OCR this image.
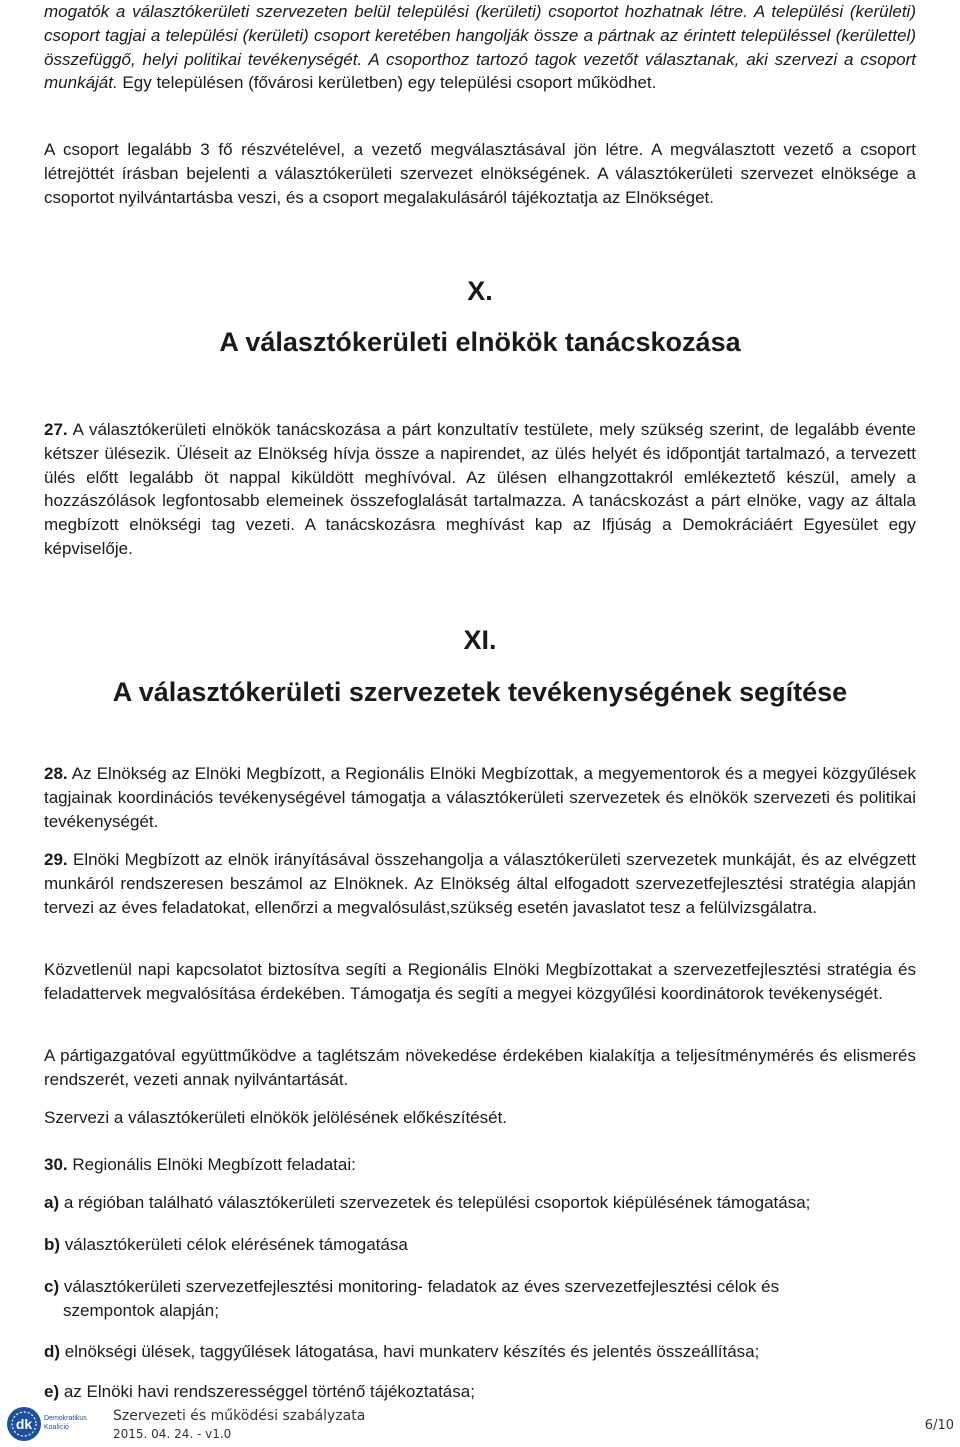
mogatók a választókerületi szervezeten belül települési (kerületi) csoportot hozhatnak létre. A települési (kerületi) csoport tagjai a települési (kerületi) csoport keretében hangolják össze a pártnak az érintett településsel (kerülettel) összefüggő, helyi politikai tevékenységét. A csoporthoz tartozó tagok vezetőt választanak, aki szervezi a csoport munkáját. Egy településen (fővárosi kerületben) egy települési csoport működhet.

A csoport legalább 3 fő részvételével, a vezető megválasztásával jön létre. A megválasztott vezető a csoport létrejöttét írásban bejelenti a választókerületi szervezet elnökségének. A választókerületi szervezet elnöksége a csoportot nyilvántartásba veszi, és a csoport megalakulásáról tájékoztatja az Elnökséget.

X.
A választókerületi elnökök tanácskozása

27. A választókerületi elnökök tanácskozása a párt konzultatív testülete, mely szükség szerint, de legalább évente kétszer ülésezik. Üléseit az Elnökség hívja össze a napirendet, az ülés helyét és időpontját tartalmazó, a tervezett ülés előtt legalább öt nappal kiküldött meghívóval. Az ülésen elhangzottakról emlékeztető készül, amely a hozzászólások legfontosabb elemeinek összefoglalását tartalmazza. A tanácskozást a párt elnöke, vagy az általa megbízott elnökségi tag vezeti. A tanácskozásra meghívást kap az Ifjúság a Demokráciáért Egyesület egy képviselője.

XI.
A választókerületi szervezetek tevékenységének segítése

28. Az Elnökség az Elnöki Megbízott, a Regionális Elnöki Megbízottak, a megyementorok és a megyei közgyűlések tagjainak koordinációs tevékenységével támogatja a választókerületi szervezetek és elnökök szervezeti és politikai tevékenységét.

29. Elnöki Megbízott az elnök irányításával összehangolja a választókerületi szervezetek munkáját, és az elvégzett munkáról rendszeresen beszámol az Elnöknek. Az Elnökség által elfogadott szervezetfejlesztési stratégia alapján tervezi az éves feladatokat, ellenőrzi a megvalósulást,szükség esetén javaslatot tesz a felülvizsgálatra.

Közvetlenül napi kapcsolatot biztosítva segíti a Regionális Elnöki Megbízottakat a szervezetfejlesztési stratégia és feladattervek megvalósítása érdekében. Támogatja és segíti a megyei közgyűlési koordinátorok tevékenységét.

A pártigazgatóval együttműködve a taglétszám növekedése érdekében kialakítja a teljesítménymérés és elismerés rendszerét, vezeti annak nyilvántartását.

Szervezi a választókerületi elnökök jelölésének előkészítését.

30. Regionális Elnöki Megbízott feladatai:

a) a régióban található választókerületi szervezetek és települési csoportok kiépülésének támogatása;
b) választókerületi célok elérésének támogatása
c) választókerületi szervezetfejlesztési monitoring- feladatok az éves szervezetfejlesztési célok és szempontok alapján;
d) elnökségi ülések, taggyűlések látogatása, havi munkaterv készítés és jelentés összeállítása;
e) az Elnöki havi rendszerességgel történő tájékoztatása;
dk Demokratikus
Koalíció
Szervezeti és működési szabályzata
2015. 04. 24. - v1.0
6/10
